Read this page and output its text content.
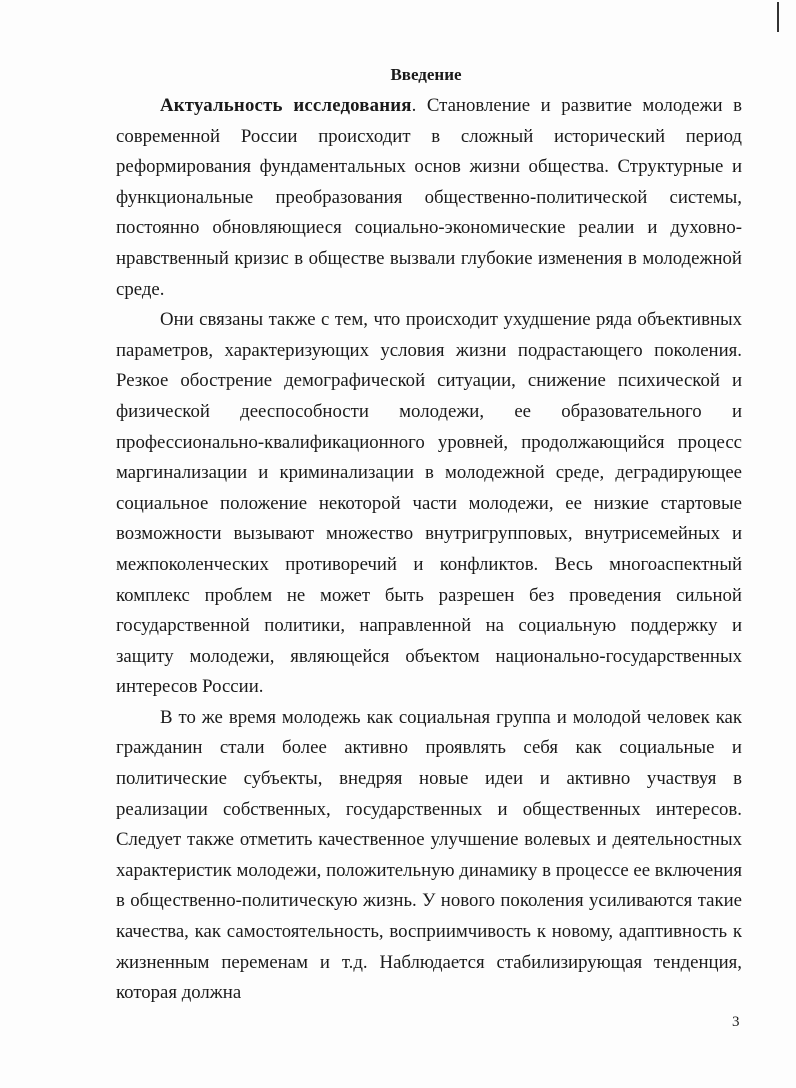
Введение

Актуальность исследования. Становление и развитие молодежи в современной России происходит в сложный исторический период реформирования фундаментальных основ жизни общества. Структурные и функциональные преобразования общественно-политической системы, постоянно обновляющиеся социально-экономические реалии и духовно-нравственный кризис в обществе вызвали глубокие изменения в молодежной среде.

Они связаны также с тем, что происходит ухудшение ряда объективных параметров, характеризующих условия жизни подрастающего поколения. Резкое обострение демографической ситуации, снижение психической и физической дееспособности молодежи, ее образовательного и профессионально-квалификационного уровней, продолжающийся процесс маргинализации и криминализации в молодежной среде, деградирующее социальное положение некоторой части молодежи, ее низкие стартовые возможности вызывают множество внутригрупповых, внутрисемейных и межпоколенческих противоречий и конфликтов. Весь многоаспектный комплекс проблем не может быть разрешен без проведения сильной государственной политики, направленной на социальную поддержку и защиту молодежи, являющейся объектом национально-государственных интересов России.

В то же время молодежь как социальная группа и молодой человек как гражданин стали более активно проявлять себя как социальные и политические субъекты, внедряя новые идеи и активно участвуя в реализации собственных, государственных и общественных интересов. Следует также отметить качественное улучшение волевых и деятельностных характеристик молодежи, положительную динамику в процессе ее включения в общественно-политическую жизнь. У нового поколения усиливаются такие качества, как самостоятельность, восприимчивость к новому, адаптивность к жизненным переменам и т.д. Наблюдается стабилизирующая тенденция, которая должна

3
